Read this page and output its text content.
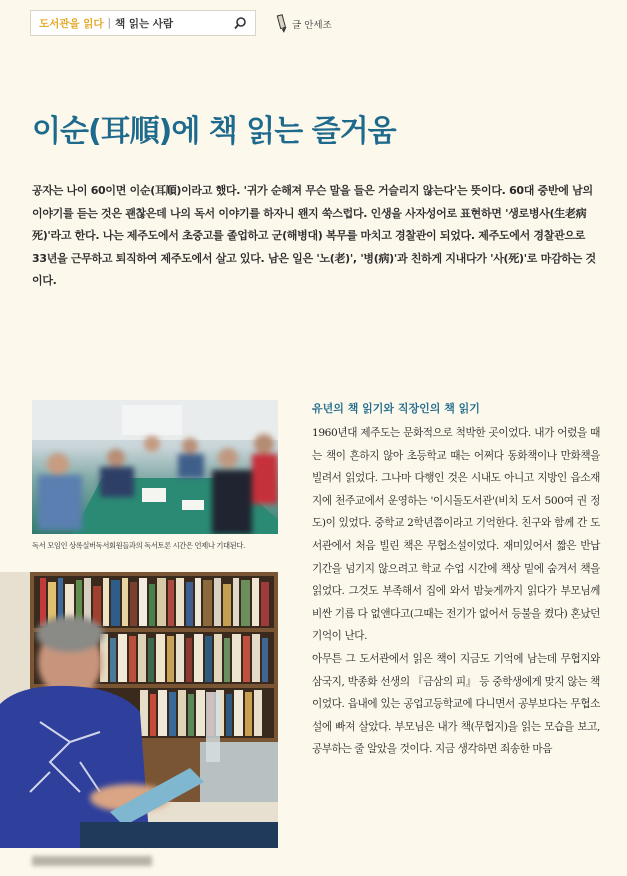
도서관을 읽다 | 책 읽는 사람	글 안세조
이순(耳順)에 책 읽는 즐거움

공자는 나이 60이면 이순(耳順)이라고 했다. '귀가 순해져 무슨 말을 들은 거슬리지 않는다'는 뜻이다. 60대 중반에 남의 이야기를 듣는 것은 괜찮은데 나의 독서 이야기를 하자니 왠지 쑥스럽다. 인생을 사자성어로 표현하면 '생로병사(生老病死)'라고 한다. 나는 제주도에서 초중고를 졸업하고 군(해병대) 복무를 마치고 경찰관이 되었다. 제주도에서 경찰관으로 33년을 근무하고 퇴직하여 제주도에서 살고 있다. 남은 일은 '노(老)', '병(病)'과 친하게 지내다가 '사(死)'로 마감하는 것이다.

독서 모임인 상록실버독서회원들과의 독서토론 시간은 언제나 기대된다.

유년의 책 읽기와 직장인의 책 읽기

1960년대 제주도는 문화적으로 척박한 곳이었다. 내가 어렸을 때는 책이 흔하지 않아 초등학교 때는 어쩌다 동화책이나 만화책을 빌려서 읽었다. 그나마 다행인 것은 시내도 아니고 지방인 읍소재지에 천주교에서 운영하는 '이시돌도서관'(비치 도서 500여 권 정도)이 있었다. 중학교 2학년쯤이라고 기억한다. 친구와 함께 간 도서관에서 처음 빌린 책은 무협소설이었다. 재미있어서 짧은 반납 기간을 넘기지 않으려고 학교 수업 시간에 책상 밑에 숨겨서 책을 읽었다. 그것도 부족해서 집에 와서 밤늦게까지 읽다가 부모님께 비싼 기름 다 없앤다고(그때는 전기가 없어서 등불을 켰다) 혼났던 기억이 난다.

아무튼 그 도서관에서 읽은 책이 지금도 기억에 남는데 무협지와 삼국지, 박종화 선생의 『금삼의 피』 등 중학생에게 맞지 않는 책이었다. 읍내에 있는 공업고등학교에 다니면서 공부보다는 무협소설에 빠져 살았다. 부모님은 내가 책(무협지)을 읽는 모습을 보고, 공부하는 줄 알았을 것이다. 지금 생각하면 죄송한 마음
